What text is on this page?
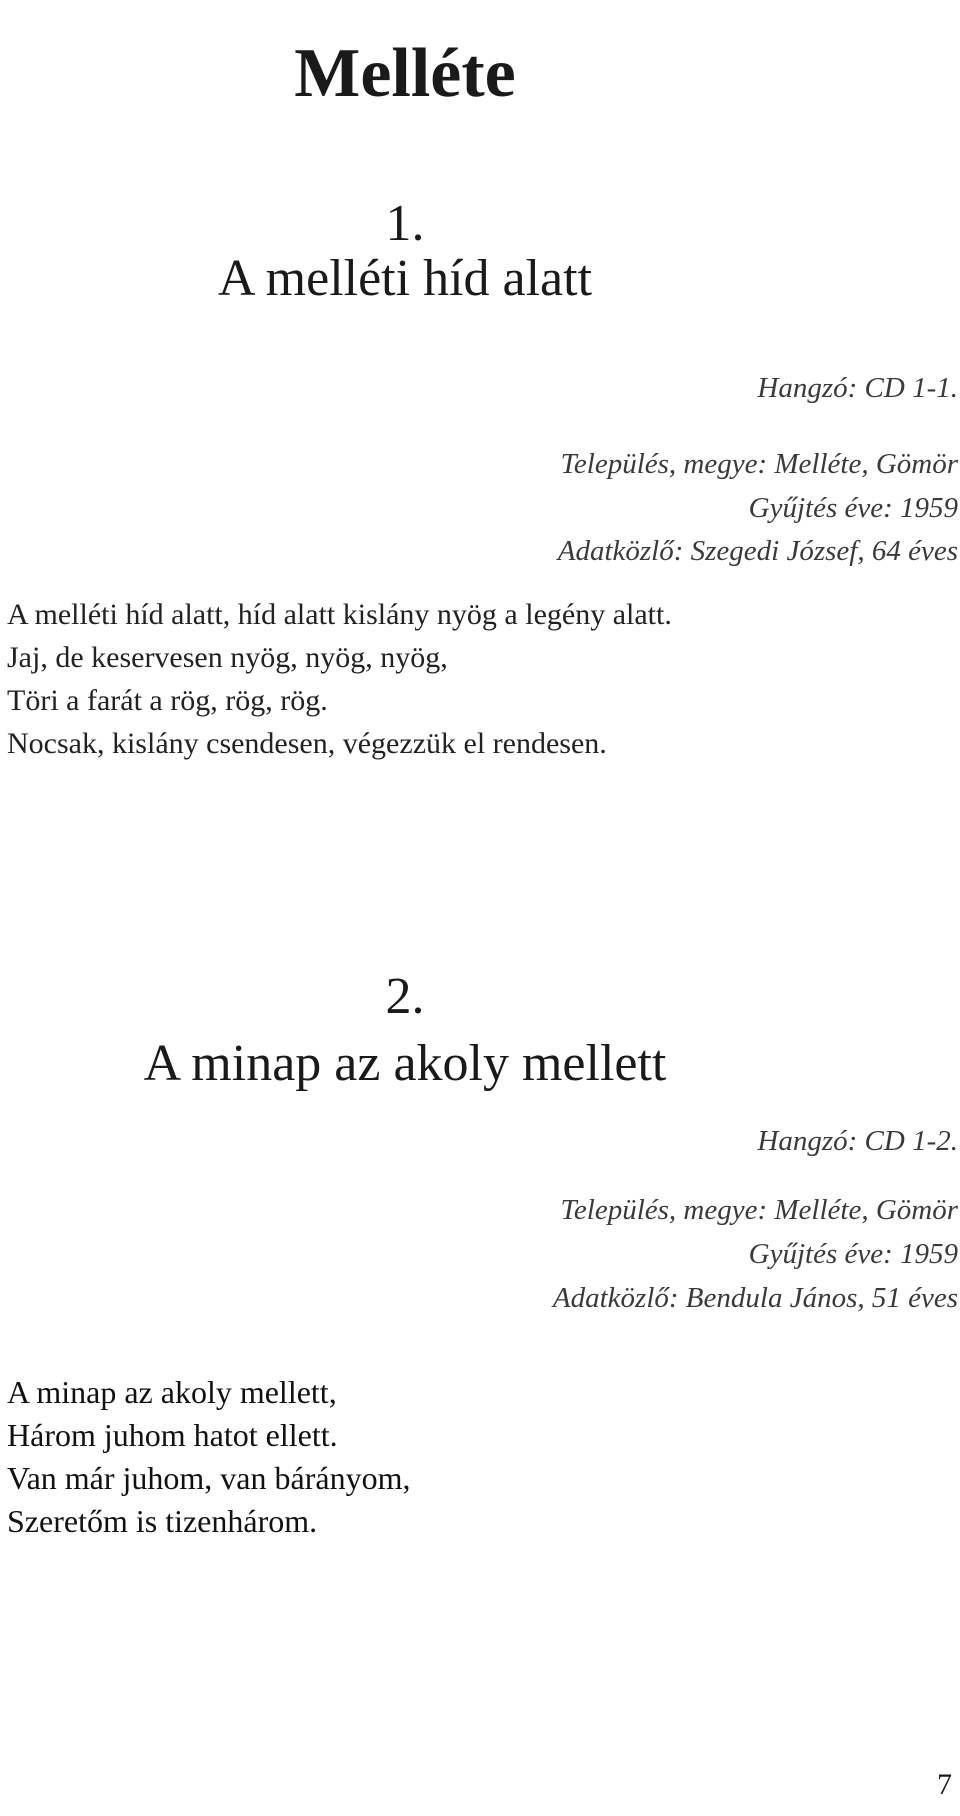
Melléte
1.
A melléti híd alatt
Hangzó: CD 1-1.
Település, megye: Melléte, Gömör
Gyűjtés éve: 1959
Adatközlő: Szegedi József, 64 éves
A melléti híd alatt, híd alatt kislány nyög a legény alatt.
Jaj, de keservesen nyög, nyög, nyög,
Töri a farát a rög, rög, rög.
Nocsak, kislány csendesen, végezzük el rendesen.
2.
A minap az akoly mellett
Hangzó: CD 1-2.
Település, megye: Melléte, Gömör
Gyűjtés éve: 1959
Adatközlő: Bendula János, 51 éves
A minap az akoly mellett,
Három juhom hatot ellett.
Van már juhom, van bárányom,
Szeretőm is tizenhárom.
7
